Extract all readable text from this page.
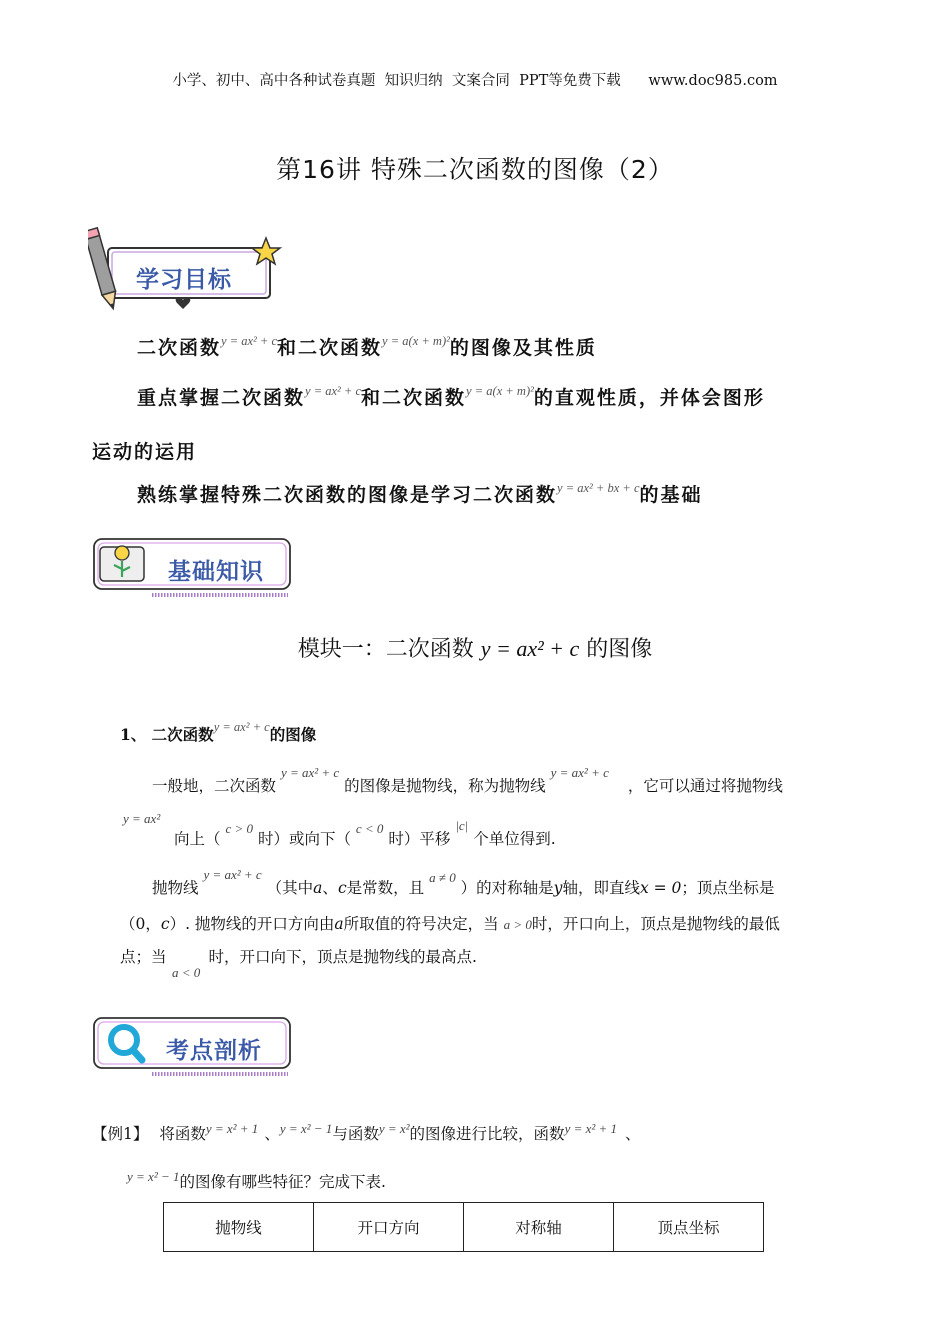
小学、初中、高中各种试卷真题  知识归纳  文案合同  PPT等免费下载      www.doc985.com
第16讲 特殊二次函数的图像（2）
学习目标
二次函数$^{y = ax^2 + c}$和二次函数$^{y = a(x + m)^2}$的图像及其性质
重点掌握二次函数$^{y = ax^2 + c}$和二次函数$^{y = a(x + m)^2}$的直观性质，并体会图形
运动的运用
熟练掌握特殊二次函数的图像是学习二次函数$^{y = ax^2 + bx + c}$的基础
基础知识
模块一：二次函数 y = ax² + c 的图像
1、 二次函数$^{y = ax^2 + c}$的图像
一般地，二次函数 $^{y = ax^2 + c}$ 的图像是抛物线，称为抛物线 $^{y = ax^2 + c}$ ，它可以通过将抛物线
y = ax²
向上（ $^{c > 0}$ 时）或向下（ $^{c < 0}$ 时）平移 $^{|c|}$ 个单位得到.
抛物线 $^{y = ax^2 + c}$ （其中a、c是常数，且 $^{a \ne 0}$ ）的对称轴是y轴，即直线x = 0；顶点坐标是
（0，c）. 抛物线的开口方向由a所取值的符号决定，当 a > 0时，开口向上，顶点是抛物线的最低
点；当	时，开口向下，顶点是抛物线的最高点.
a < 0
考点剖析
【例1】 将函数$^{y = x^2 + 1}$ 、$^{y = x^2 - 1}$与函数$^{y = x^2}$的图像进行比较，函数$^{y = x^2 + 1}$ 、
$^{y = x^2 - 1}$的图像有哪些特征？完成下表.
抛物线	开口方向	对称轴	顶点坐标
